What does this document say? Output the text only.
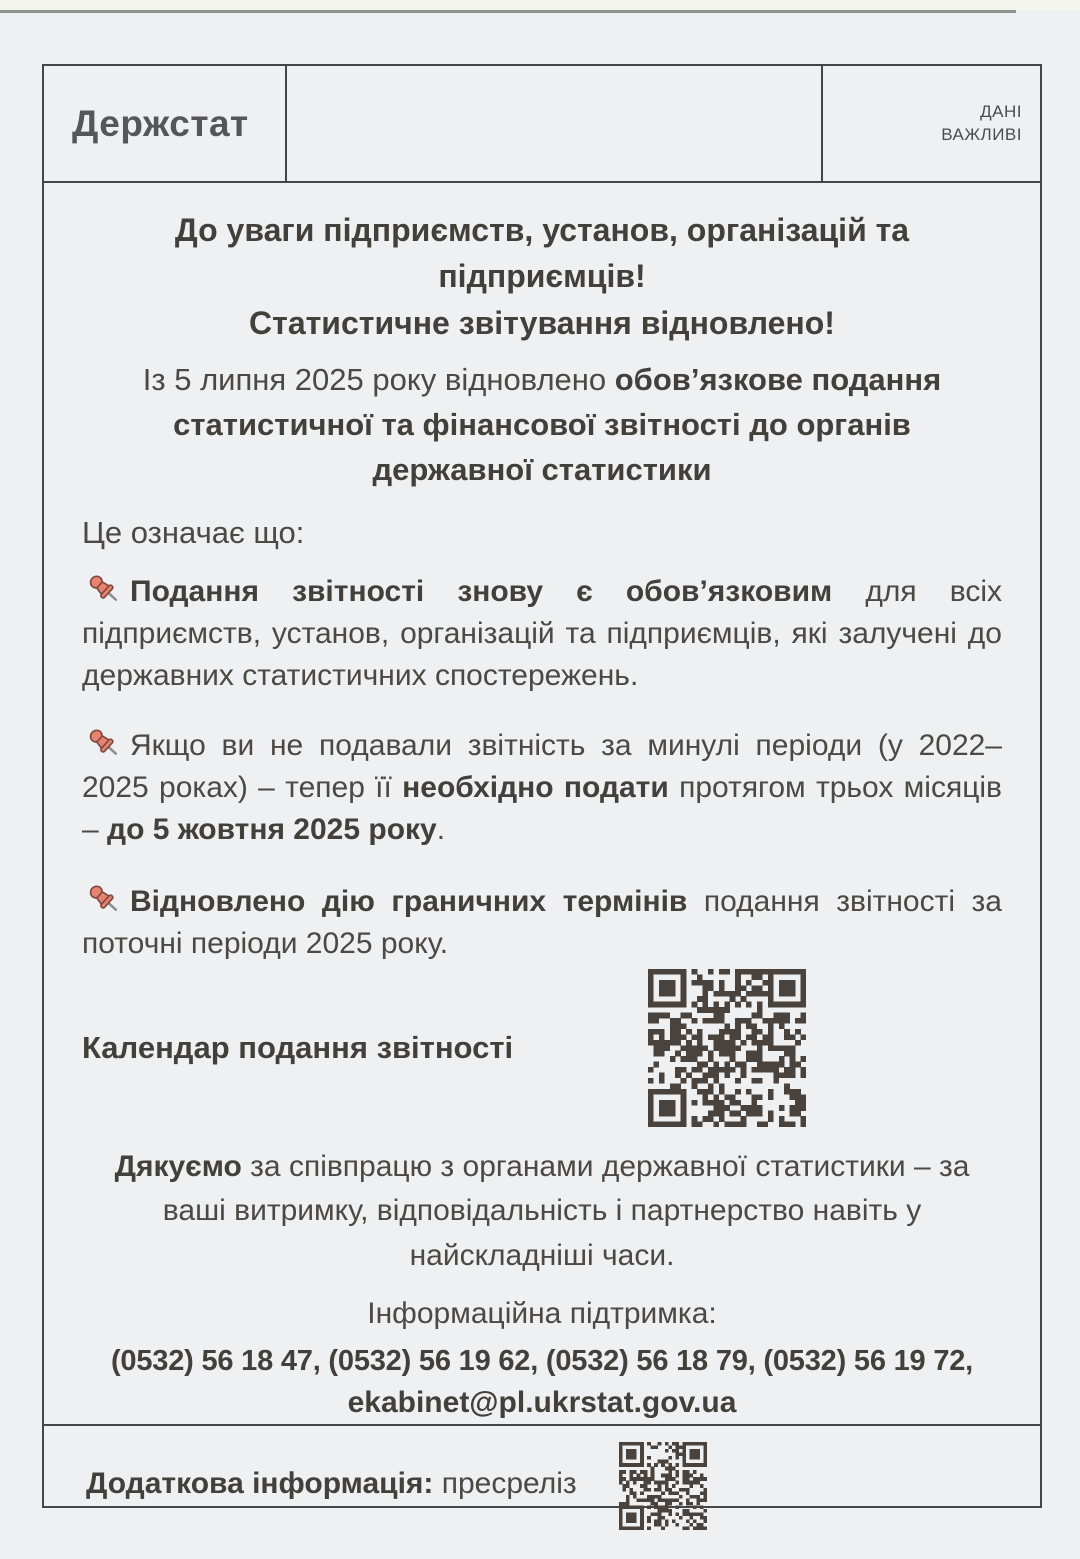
Держстат	ДАНІ
ВАЖЛИВІ
До уваги підприємств, установ, організацій та підприємців!
Статистичне звітування відновлено!

Із 5 липня 2025 року відновлено обов’язкове подання статистичної та фінансової звітності до органів державної статистики

Це означає що:

Подання звітності знову є обов’язковим для всіх підприємств, установ, організацій та підприємців, які залучені до державних статистичних спостережень.

Якщо ви не подавали звітність за минулі періоди (у 2022–2025 роках) – тепер її необхідно подати протягом трьох місяців – до 5 жовтня 2025 року.

Відновлено дію граничних термінів подання звітності за поточні періоди 2025 року.

Календар подання звітності

Дякуємо за співпрацю з органами державної статистики – за ваші витримку, відповідальність і партнерство навіть у найскладніші часи.

Інформаційна підтримка:

(0532) 56 18 47, (0532) 56 19 62, (0532) 56 18 79, (0532) 56 19 72,

ekabinet@pl.ukrstat.gov.ua

Додаткова інформація: пресреліз
